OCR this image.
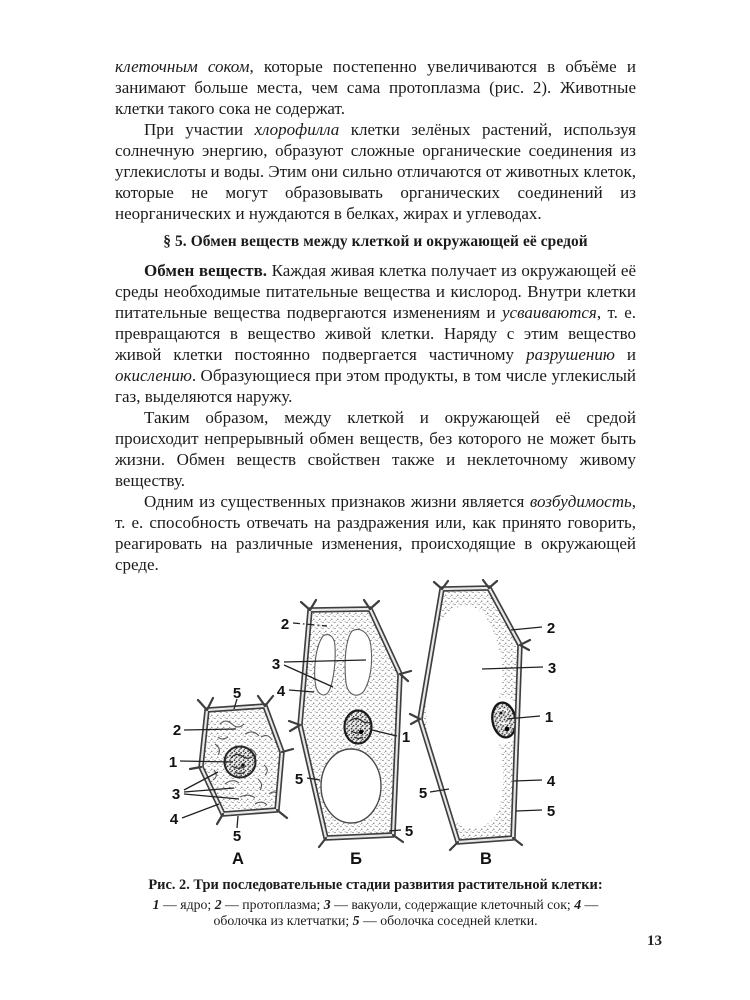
клеточным соком, которые постепенно увеличиваются в объёме и занимают больше места, чем сама протоплазма (рис. 2). Животные клетки такого сока не содержат.

При участии хлорофилла клетки зелёных растений, используя солнечную энергию, образуют сложные органические соединения из углекислоты и воды. Этим они сильно отличаются от животных клеток, которые не могут образовывать органических соединений из неорганических и нуждаются в белках, жирах и углеводах.

§ 5. Обмен веществ между клеткой и окружающей её средой

Обмен веществ. Каждая живая клетка получает из окружающей её среды необходимые питательные вещества и кислород. Внутри клетки питательные вещества подвергаются изменениям и усваиваются, т. е. превращаются в вещество живой клетки. Наряду с этим вещество живой клетки постоянно подвергается частичному разрушению и окислению. Образующиеся при этом продукты, в том числе углекислый газ, выделяются наружу.

Таким образом, между клеткой и окружающей её средой происходит непрерывный обмен веществ, без которого не может быть жизни. Обмен веществ свойствен также и неклеточному живому веществу.

Одним из существенных признаков жизни является возбудимость, т. е. способность отвечать на раздражения или, как принято говорить, реагировать на различные изменения, происходящие в окружающей среде.

5
2
1
3
4
5
2
3
4
1
5
5
2
3
1
4
5
5
А	Б	В
Рис. 2. Три последовательные стадии развития растительной клетки:
1 — ядро; 2 — протоплазма; 3 — вакуоли, содержащие клеточный сок; 4 — оболочка из клетчатки; 5 — оболочка соседней клетки.
13
